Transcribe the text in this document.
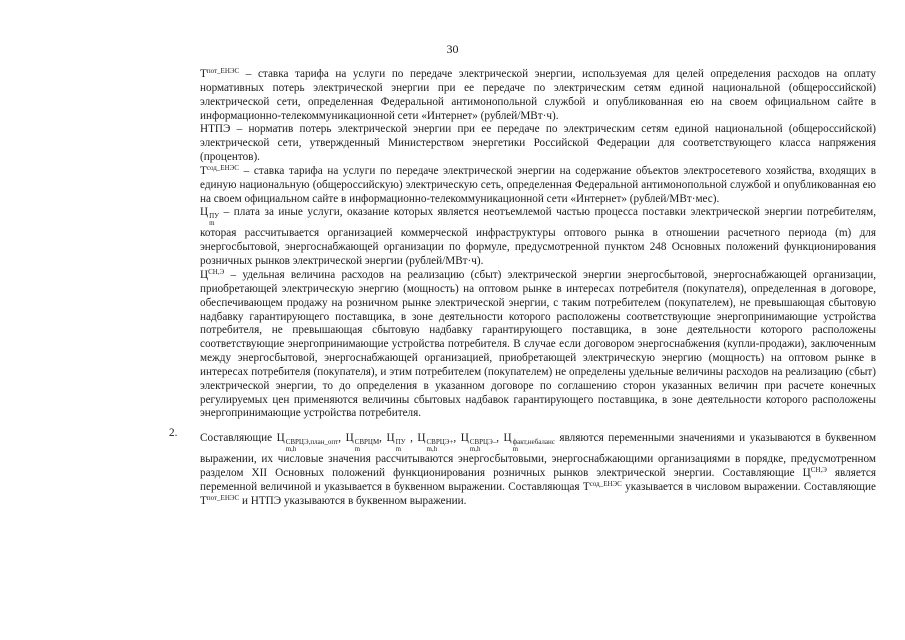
30

$Т^{пот\_ЕНЭС}$ – ставка тарифа на услуги по передаче электрической энергии, используемая для целей определения расходов на оплату нормативных потерь электрической энергии при ее передаче по электрическим сетям единой национальной (общероссийской) электрической сети, определенная Федеральной антимонопольной службой и опубликованная ею на своем официальном сайте в информационно-телекоммуникационной сети «Интернет» (рублей/МВт·ч).

НТПЭ – норматив потерь электрической энергии при ее передаче по электрическим сетям единой национальной (общероссийской) электрической сети, утвержденный Министерством энергетики Российской Федерации для соответствующего класса напряжения (процентов).

$Т^{сод\_ЕНЭС}$ – ставка тарифа на услуги по передаче электрической энергии на содержание объектов электросетевого хозяйства, входящих в единую национальную (общероссийскую) электрическую сеть, определенная Федеральной антимонопольной службой и опубликованная ею на своем официальном сайте в информационно-телекоммуникационной сети «Интернет» (рублей/МВт·мес).

Ц ПУ
m
– плата за иные услуги, оказание которых является неотъемлемой частью процесса поставки электрической энергии потребителям, которая рассчитывается организацией коммерческой инфраструктуры оптового рынка в отношении расчетного периода (m) для энергосбытовой, энергоснабжающей организации по формуле, предусмотренной пунктом 248 Основных положений функционирования розничных рынков электрической энергии (рублей/МВт·ч).

$Ц^{СН,Э}$ – удельная величина расходов на реализацию (сбыт) электрической энергии энергосбытовой, энергоснабжающей организации, приобретающей электрическую энергию (мощность) на оптовом рынке в интересах потребителя (покупателя), определенная в договоре, обеспечивающем продажу на розничном рынке электрической энергии, с таким потребителем (покупателем), не превышающая сбытовую надбавку гарантирующего поставщика, в зоне деятельности которого расположены соответствующие энергопринимающие устройства потребителя, не превышающая сбытовую надбавку гарантирующего поставщика, в зоне деятельности которого расположены соответствующие энергопринимающие устройства потребителя. В случае если договором энергоснабжения (купли-продажи), заключенным между энергосбытовой, энергоснабжающей организацией, приобретающей электрическую энергию (мощность) на оптовом рынке в интересах потребителя (покупателя), и этим потребителем (покупателем) не определены удельные величины расходов на реализацию (сбыт) электрической энергии, то до определения в указанном договоре по соглашению сторон указанных величин при расчете конечных регулируемых цен применяются величины сбытовых надбавок гарантирующего поставщика, в зоне деятельности которого расположены энергопринимающие устройства потребителя.

2. Составляющие Ц СВРЦЭ,план_опт
m,h
, Ц СВРЦМ
m
, Ц ПУ
m
, Ц СВРЦЭ+
m,h
, Ц СВРЦЭ–
m,h
, Ц факт,небаланс
m
являются переменными значениями и указываются в буквенном выражении, их числовые значения рассчитываются энергосбытовыми, энергоснабжающими организациями в порядке, предусмотренном разделом XII Основных положений функционирования розничных рынков электрической энергии. Составляющие $Ц^{СН,Э}$ является переменной величиной и указывается в буквенном выражении. Составляющая $Т^{сод\_ЕНЭС}$ указывается в числовом выражении. Составляющие $Т^{пот\_ЕНЭС}$ и НТПЭ указываются в буквенном выражении.
